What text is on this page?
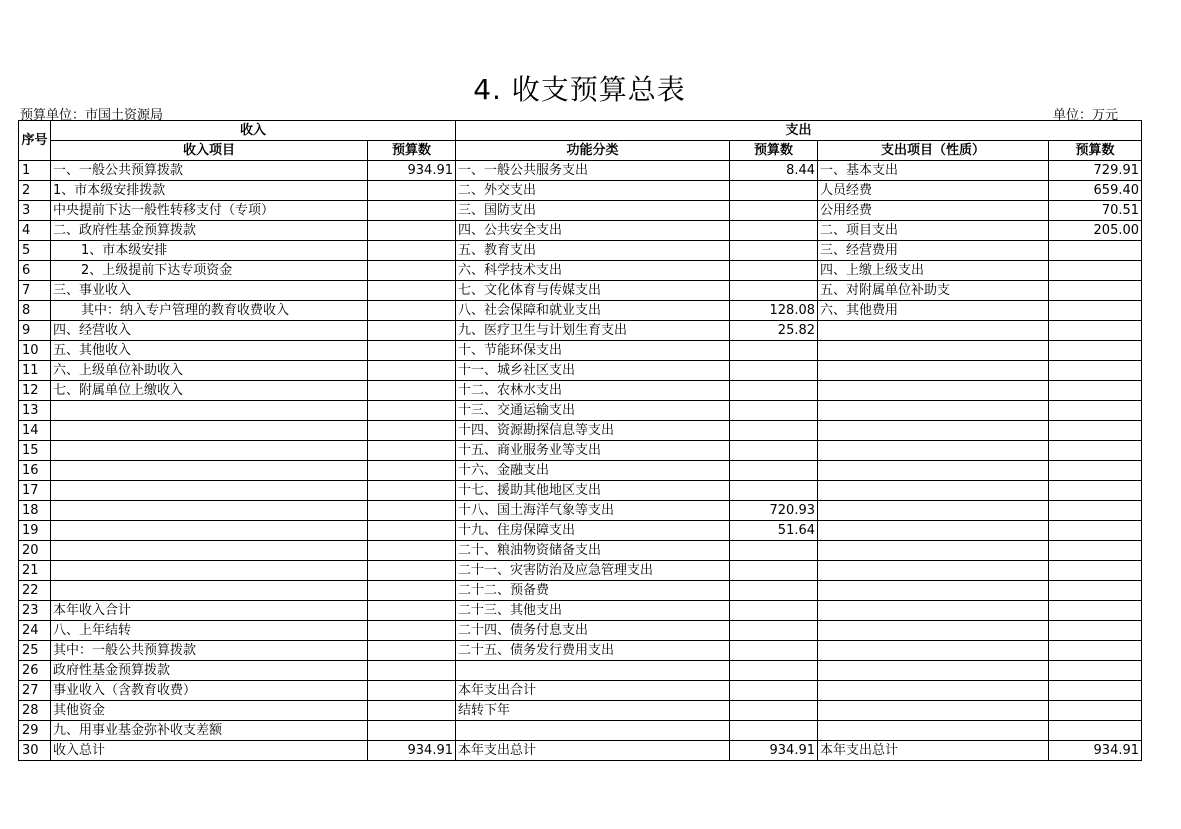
4. 收支预算总表
预算单位：市国土资源局	单位：万元
序号	收入		支出			
	收入项目	预算数	功能分类	预算数	支出项目（性质）	预算数
1	一、一般公共预算拨款	934.91	一、一般公共服务支出	8.44	一、基本支出	729.91
2	1、市本级安排拨款		二、外交支出		人员经费	659.40
3	中央提前下达一般性转移支付（专项）		三、国防支出		公用经费	70.51
4	二、政府性基金预算拨款		四、公共安全支出		二、项目支出	205.00
5	1、市本级安排		五、教育支出		三、经营费用	
6	2、上级提前下达专项资金		六、科学技术支出		四、上缴上级支出	
7	三、事业收入		七、文化体育与传媒支出		五、对附属单位补助支	
8	其中：纳入专户管理的教育收费收入		八、社会保障和就业支出	128.08	六、其他费用	
9	四、经营收入		九、医疗卫生与计划生育支出	25.82		
10	五、其他收入		十、节能环保支出			
11	六、上级单位补助收入		十一、城乡社区支出			
12	七、附属单位上缴收入		十二、农林水支出			
13			十三、交通运输支出			
14			十四、资源勘探信息等支出			
15			十五、商业服务业等支出			
16			十六、金融支出			
17			十七、援助其他地区支出			
18			十八、国土海洋气象等支出	720.93		
19			十九、住房保障支出	51.64		
20			二十、粮油物资储备支出			
21			二十一、灾害防治及应急管理支出			
22			二十二、预备费			
23	本年收入合计		二十三、其他支出			
24	八、上年结转		二十四、债务付息支出			
25	其中：一般公共预算拨款		二十五、债务发行费用支出			
26	政府性基金预算拨款					
27	事业收入（含教育收费）		本年支出合计			
28	其他资金		结转下年			
29	九、用事业基金弥补收支差额					
30	收入总计	934.91	本年支出总计	934.91	本年支出总计	934.91
